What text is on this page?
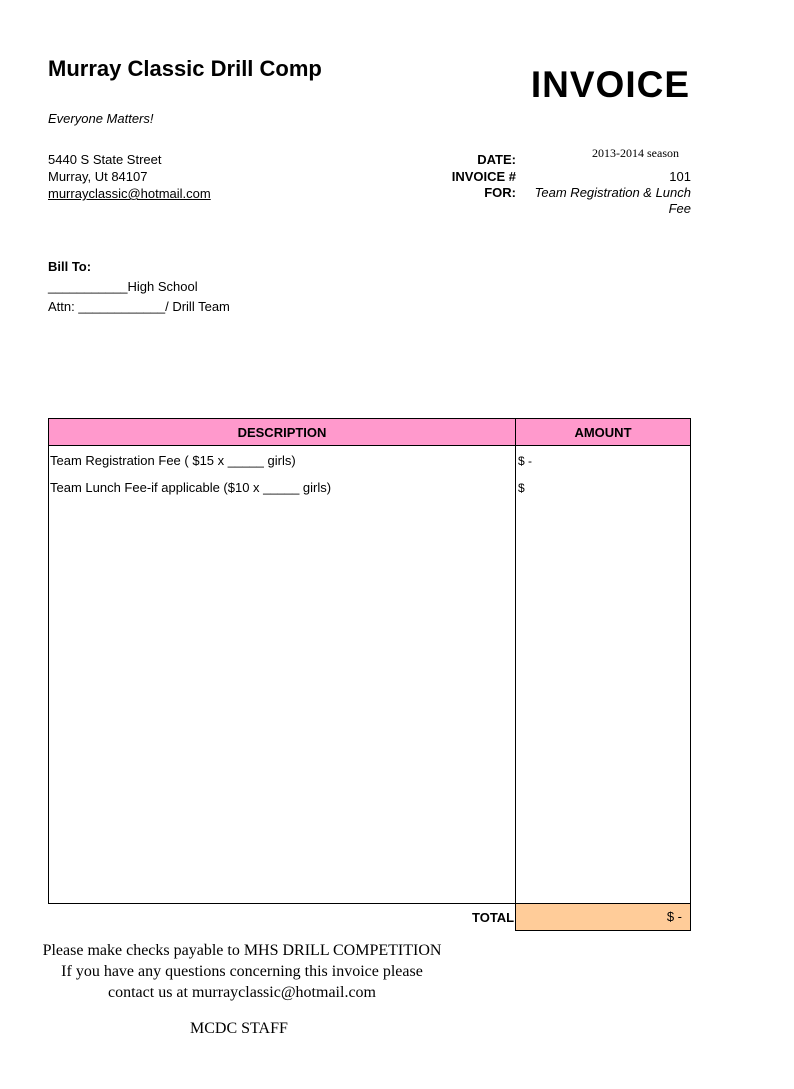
Murray Classic Drill Comp	INVOICE
Everyone Matters!
5440 S State Street
Murray, Ut 84107
murrayclassic@hotmail.com
DATE:	2013-2014 season
INVOICE #	101
FOR:	Team Registration & Lunch
Fee
Bill To:
___________High School
Attn: ____________/ Drill Team
DESCRIPTION	AMOUNT
Team Registration Fee ( $15 x _____ girls)	$ -
Team Lunch Fee-if applicable ($10 x _____ girls)	$
TOTAL	$ -
Please make checks payable to MHS DRILL COMPETITION
If you have any questions concerning this invoice please
contact us at murrayclassic@hotmail.com
MCDC STAFF
